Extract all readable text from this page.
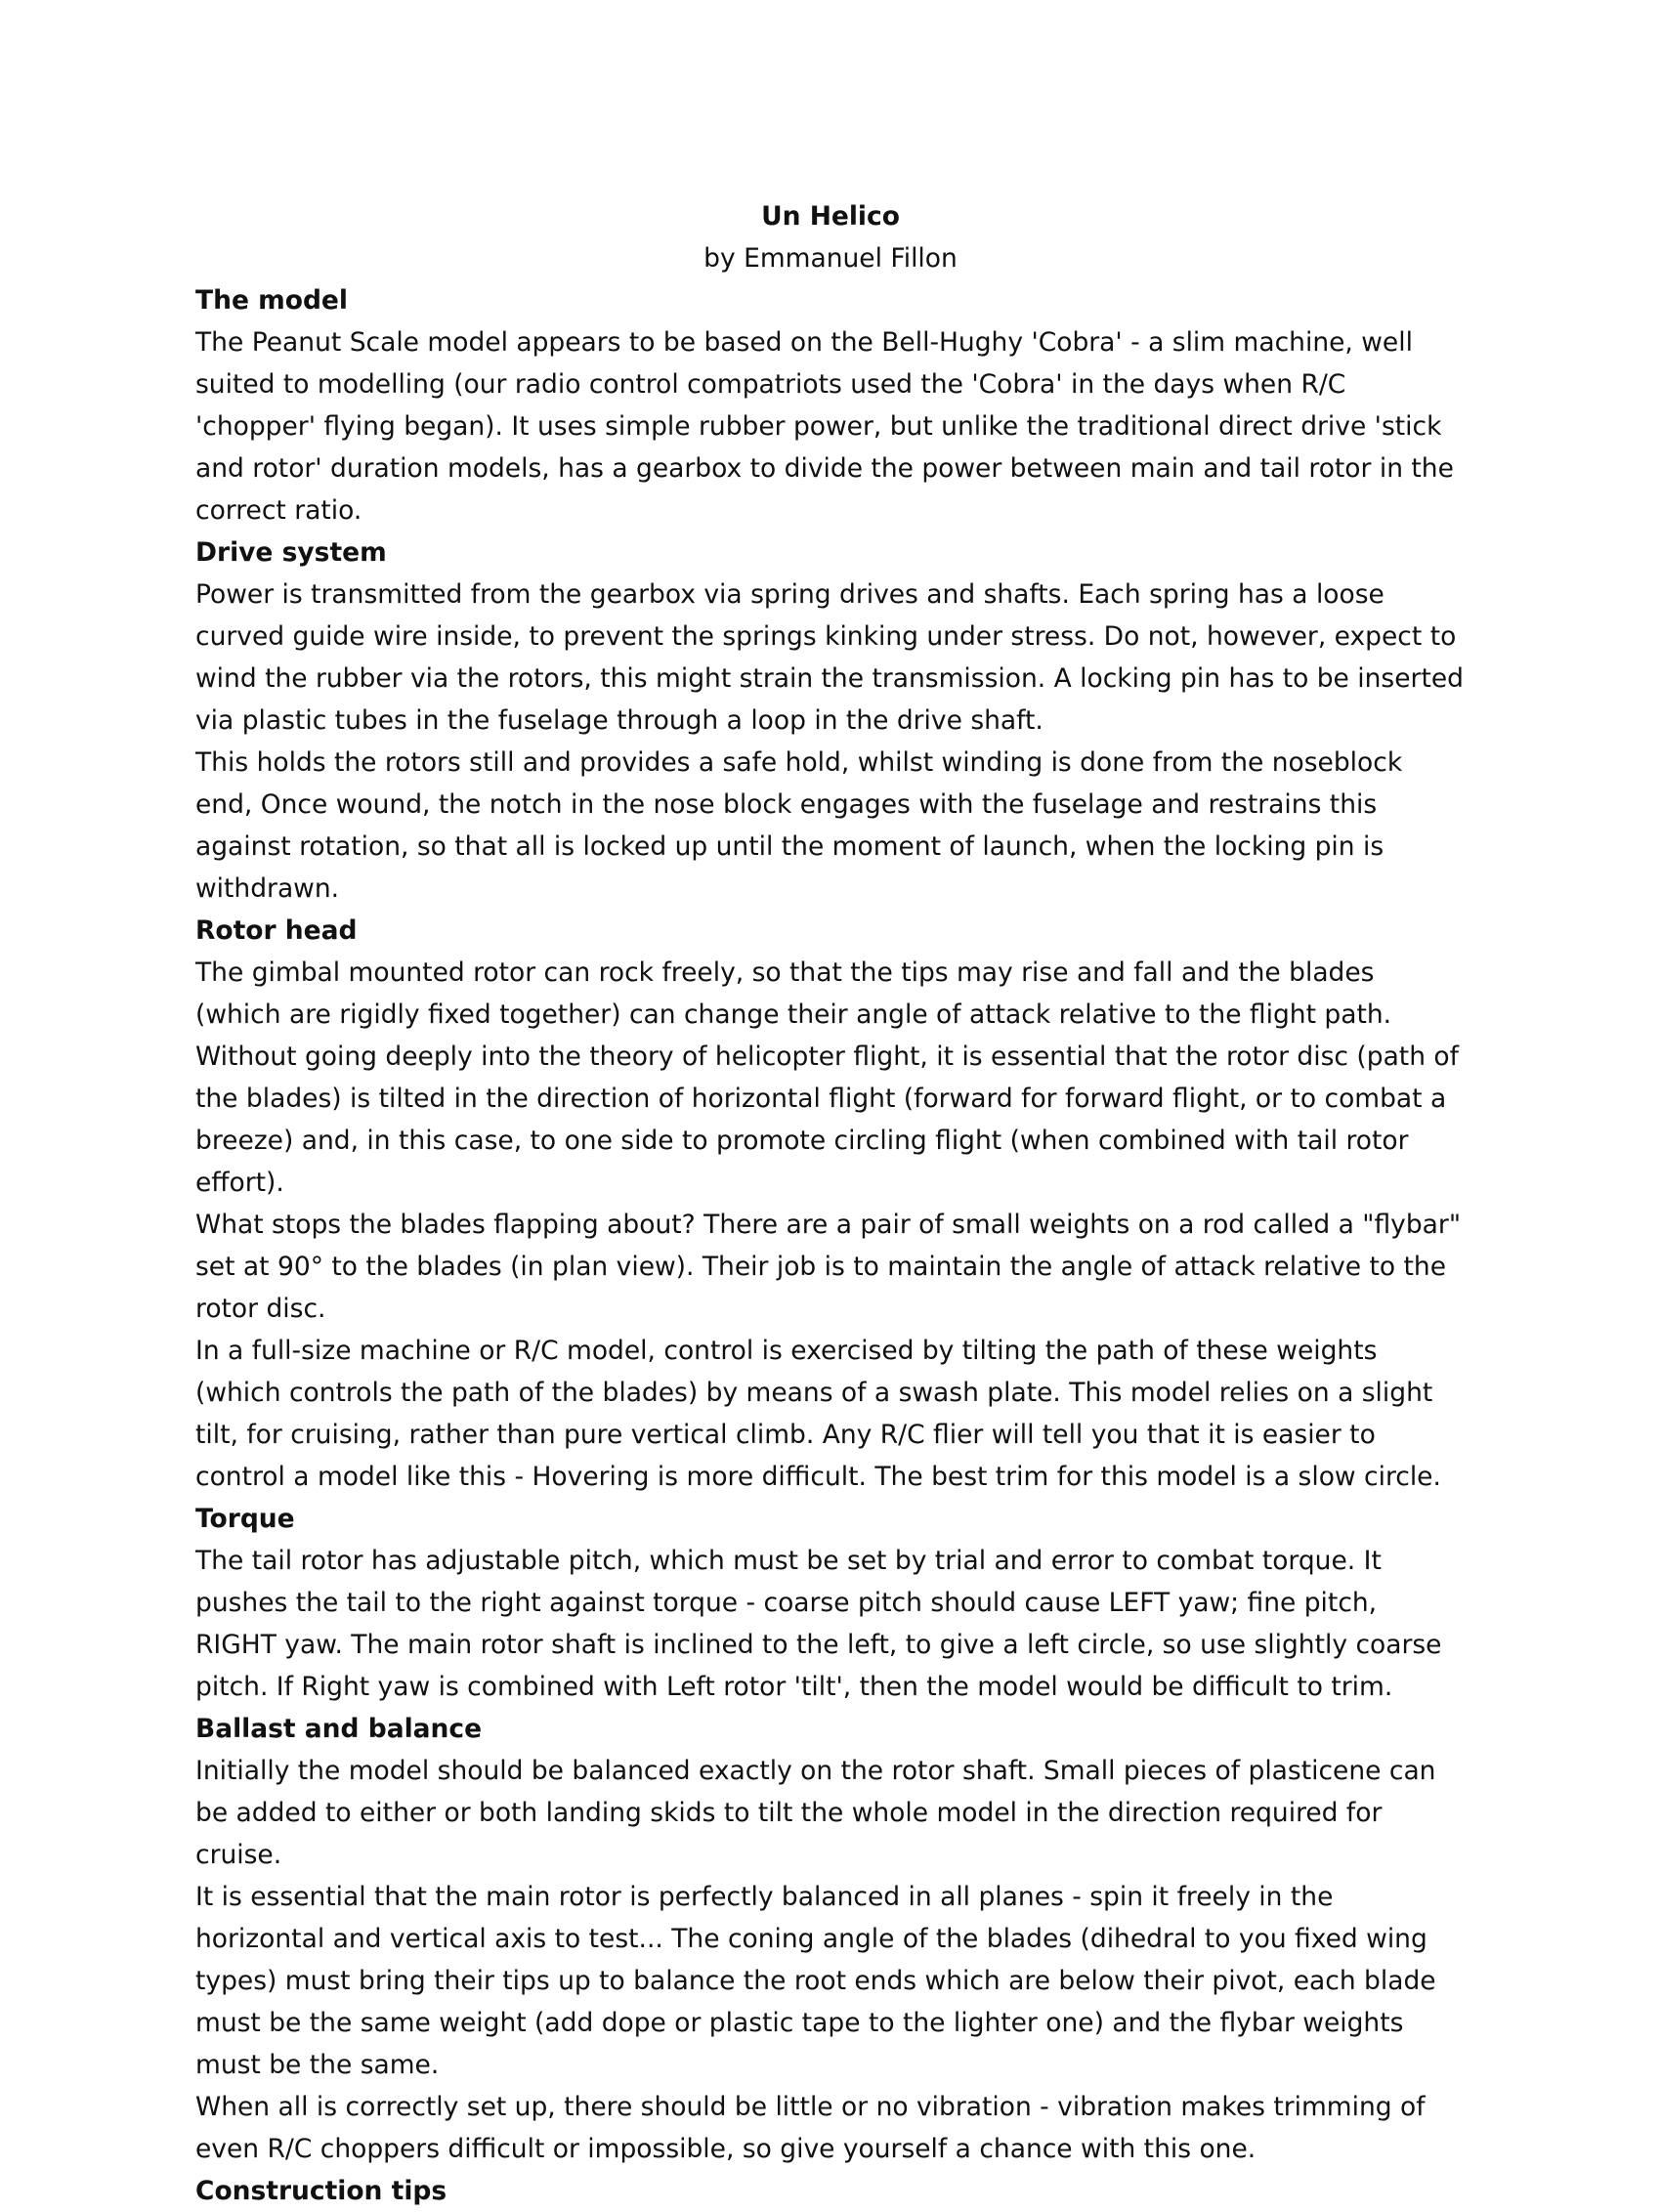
Un Helico
by Emmanuel Fillon
The model

The Peanut Scale model appears to be based on the Bell-Hughy 'Cobra' - a slim machine, well suited to modelling (our radio control compatriots used the 'Cobra' in the days when R/C 'chopper' flying began). It uses simple rubber power, but unlike the traditional direct drive 'stick and rotor' duration models, has a gearbox to divide the power between main and tail rotor in the correct ratio.

Drive system

Power is transmitted from the gearbox via spring drives and shafts. Each spring has a loose curved guide wire inside, to prevent the springs kinking under stress. Do not, however, expect to wind the rubber via the rotors, this might strain the transmission. A locking pin has to be inserted via plastic tubes in the fuselage through a loop in the drive shaft.

This holds the rotors still and provides a safe hold, whilst winding is done from the noseblock end, Once wound, the notch in the nose block engages with the fuselage and restrains this against rotation, so that all is locked up until the moment of launch, when the locking pin is withdrawn.

Rotor head

The gimbal mounted rotor can rock freely, so that the tips may rise and fall and the blades (which are rigidly fixed together) can change their angle of attack relative to the flight path.

Without going deeply into the theory of helicopter flight, it is essential that the rotor disc (path of the blades) is tilted in the direction of horizontal flight (forward for forward flight, or to combat a breeze) and, in this case, to one side to promote circling flight (when combined with tail rotor effort).

What stops the blades flapping about? There are a pair of small weights on a rod called a "flybar" set at 90° to the blades (in plan view). Their job is to maintain the angle of attack relative to the rotor disc.

In a full-size machine or R/C model, control is exercised by tilting the path of these weights (which controls the path of the blades) by means of a swash plate. This model relies on a slight tilt, for cruising, rather than pure vertical climb. Any R/C flier will tell you that it is easier to control a model like this - Hovering is more difficult. The best trim for this model is a slow circle.

Torque

The tail rotor has adjustable pitch, which must be set by trial and error to combat torque. It pushes the tail to the right against torque - coarse pitch should cause LEFT yaw; fine pitch, RIGHT yaw. The main rotor shaft is inclined to the left, to give a left circle, so use slightly coarse pitch. If Right yaw is combined with Left rotor 'tilt', then the model would be difficult to trim.

Ballast and balance

Initially the model should be balanced exactly on the rotor shaft. Small pieces of plasticene can be added to either or both landing skids to tilt the whole model in the direction required for cruise.

It is essential that the main rotor is perfectly balanced in all planes - spin it freely in the horizontal and vertical axis to test... The coning angle of the blades (dihedral to you fixed wing types) must bring their tips up to balance the root ends which are below their pivot, each blade must be the same weight (add dope or plastic tape to the lighter one) and the flybar weights must be the same.

When all is correctly set up, there should be little or no vibration - vibration makes trimming of even R/C choppers difficult or impossible, so give yourself a chance with this one.

Construction tips
